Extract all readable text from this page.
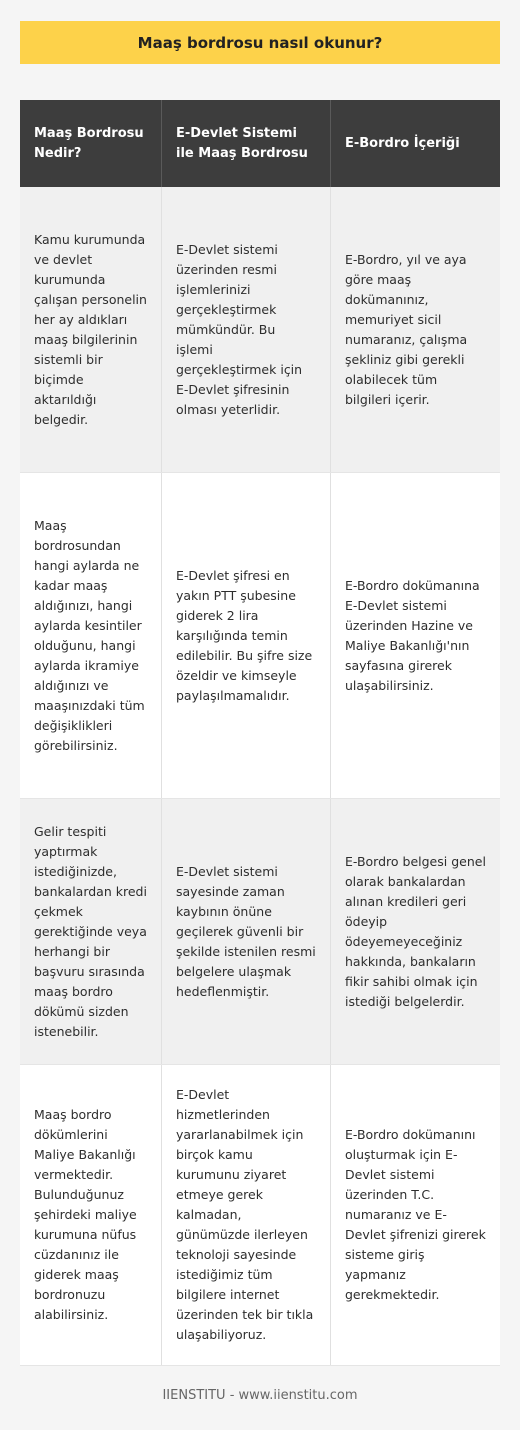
Maaş bordrosu nasıl okunur?
Maaş Bordrosu Nedir?
E-Devlet Sistemi ile Maaş Bordrosu
E-Bordro İçeriği
Kamu kurumunda ve devlet kurumunda çalışan personelin her ay aldıkları maaş bilgilerinin sistemli bir biçimde aktarıldığı belgedir.
E-Devlet sistemi üzerinden resmi işlemlerinizi gerçekleştirmek mümkündür. Bu işlemi gerçekleştirmek için E-Devlet şifresinin olması yeterlidir.
E-Bordro, yıl ve aya göre maaş dokümanınız, memuriyet sicil numaranız, çalışma şekliniz gibi gerekli olabilecek tüm bilgileri içerir.
Maaş bordrosundan hangi aylarda ne kadar maaş aldığınızı, hangi aylarda kesintiler olduğunu, hangi aylarda ikramiye aldığınızı ve maaşınızdaki tüm değişiklikleri görebilirsiniz.
E-Devlet şifresi en yakın PTT şubesine giderek 2 lira karşılığında temin edilebilir. Bu şifre size özeldir ve kimseyle paylaşılmamalıdır.
E-Bordro dokümanına E-Devlet sistemi üzerinden Hazine ve Maliye Bakanlığı'nın sayfasına girerek ulaşabilirsiniz.
Gelir tespiti yaptırmak istediğinizde, bankalardan kredi çekmek gerektiğinde veya herhangi bir başvuru sırasında maaş bordro dökümü sizden istenebilir.
E-Devlet sistemi sayesinde zaman kaybının önüne geçilerek güvenli bir şekilde istenilen resmi belgelere ulaşmak hedeflenmiştir.
E-Bordro belgesi genel olarak bankalardan alınan kredileri geri ödeyip ödeyemeyeceğiniz hakkında, bankaların fikir sahibi olmak için istediği belgelerdir.
Maaş bordro dökümlerini Maliye Bakanlığı vermektedir. Bulunduğunuz şehirdeki maliye kurumuna nüfus cüzdanınız ile giderek maaş bordronuzu alabilirsiniz.
E-Devlet hizmetlerinden yararlanabilmek için birçok kamu kurumunu ziyaret etmeye gerek kalmadan, günümüzde ilerleyen teknoloji sayesinde istediğimiz tüm bilgilere internet üzerinden tek bir tıkla ulaşabiliyoruz.
E-Bordro dokümanını oluşturmak için E-Devlet sistemi üzerinden T.C. numaranız ve E-Devlet şifrenizi girerek sisteme giriş yapmanız gerekmektedir.
IIENSTITU - www.iienstitu.com
